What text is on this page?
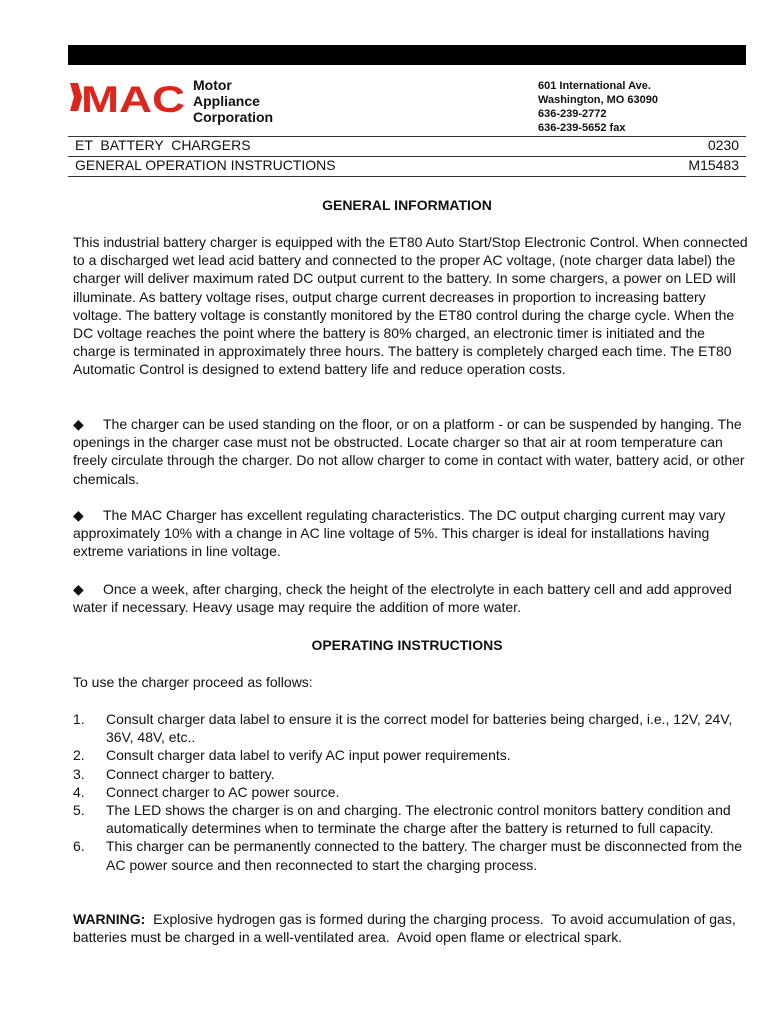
MAC Motor
Appliance
Corporation
601 International Ave.
Washington, MO 63090
636-239-2772
636-239-5652 fax
ET  BATTERY  CHARGERS	0230
GENERAL OPERATION INSTRUCTIONS	M15483
GENERAL INFORMATION
This industrial battery charger is equipped with the ET80 Auto Start/Stop Electronic Control. When connected to a discharged wet lead acid battery and connected to the proper AC voltage, (note charger data label) the charger will deliver maximum rated DC output current to the battery. In some chargers, a power on LED will illuminate. As battery voltage rises, output charge current decreases in proportion to increasing battery voltage. The battery voltage is constantly monitored by the ET80 control during the charge cycle. When the DC voltage reaches the point where the battery is 80% charged, an electronic timer is initiated and the charge is terminated in approximately three hours. The battery is completely charged each time. The ET80 Automatic Control is designed to extend battery life and reduce operation costs.
◆ The charger can be used standing on the floor, or on a platform - or can be suspended by hanging. The openings in the charger case must not be obstructed. Locate charger so that air at room temperature can freely circulate through the charger. Do not allow charger to come in contact with water, battery acid, or other chemicals.
◆ The MAC Charger has excellent regulating characteristics. The DC output charging current may vary approximately 10% with a change in AC line voltage of 5%. This charger is ideal for installations having extreme variations in line voltage.
◆ Once a week, after charging, check the height of the electrolyte in each battery cell and add approved water if necessary. Heavy usage may require the addition of more water.
OPERATING INSTRUCTIONS
To use the charger proceed as follows:
1.	Consult charger data label to ensure it is the correct model for batteries being charged, i.e., 12V, 24V, 36V, 48V, etc..
2.	Consult charger data label to verify AC input power requirements.
3.	Connect charger to battery.
4.	Connect charger to AC power source.
5.	The LED shows the charger is on and charging. The electronic control monitors battery condition and automatically determines when to terminate the charge after the battery is returned to full capacity.
6.	This charger can be permanently connected to the battery. The charger must be disconnected from the AC power source and then reconnected to start the charging process.
WARNING:  Explosive hydrogen gas is formed during the charging process.  To avoid accumulation of gas, batteries must be charged in a well-ventilated area.  Avoid open flame or electrical spark.
